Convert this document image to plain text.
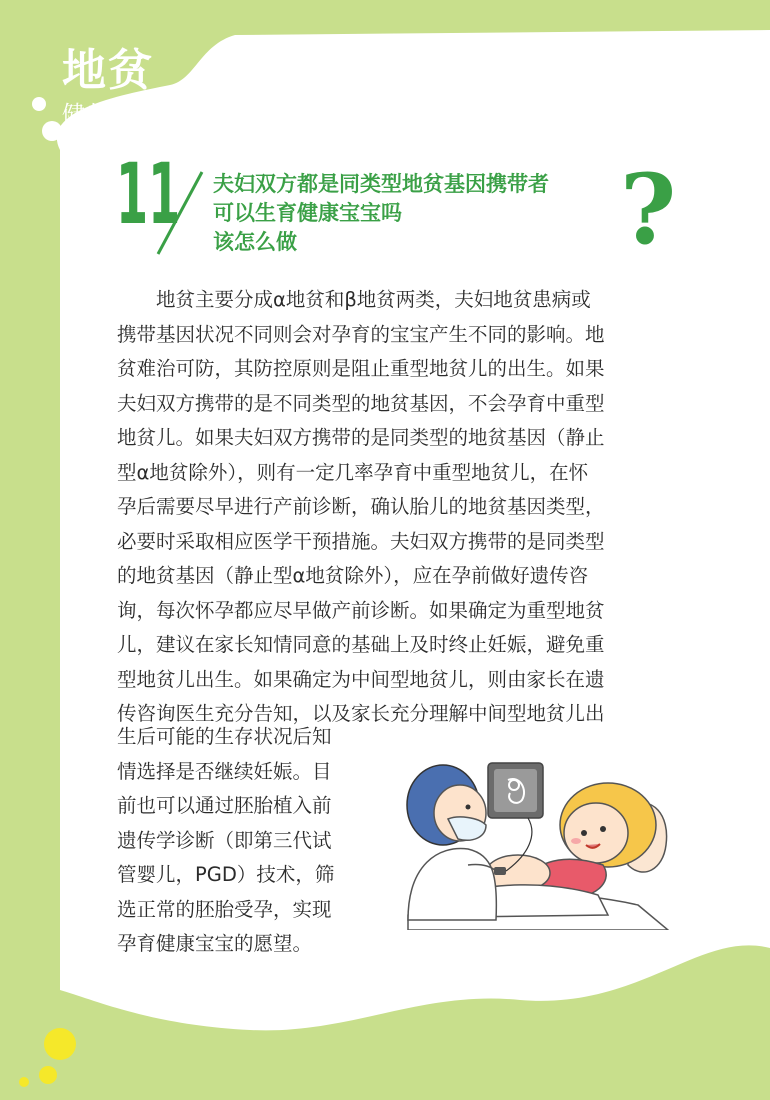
地贫
健教知识
11 夫妇双方都是同类型地贫基因携带者
可以生育健康宝宝吗
该怎么做	?
地贫主要分成α地贫和β地贫两类，夫妇地贫患病或
携带基因状况不同则会对孕育的宝宝产生不同的影响。地
贫难治可防，其防控原则是阻止重型地贫儿的出生。如果
夫妇双方携带的是不同类型的地贫基因，不会孕育中重型
地贫儿。如果夫妇双方携带的是同类型的地贫基因（静止
型α地贫除外），则有一定几率孕育中重型地贫儿，在怀
孕后需要尽早进行产前诊断，确认胎儿的地贫基因类型，
必要时采取相应医学干预措施。夫妇双方携带的是同类型
的地贫基因（静止型α地贫除外），应在孕前做好遗传咨
询，每次怀孕都应尽早做产前诊断。如果确定为重型地贫
儿，建议在家长知情同意的基础上及时终止妊娠，避免重
型地贫儿出生。如果确定为中间型地贫儿，则由家长在遗
传咨询医生充分告知，以及家长充分理解中间型地贫儿出
生后可能的生存状况后知
情选择是否继续妊娠。目
前也可以通过胚胎植入前
遗传学诊断（即第三代试
管婴儿，PGD）技术，筛
选正常的胚胎受孕，实现
孕育健康宝宝的愿望。
